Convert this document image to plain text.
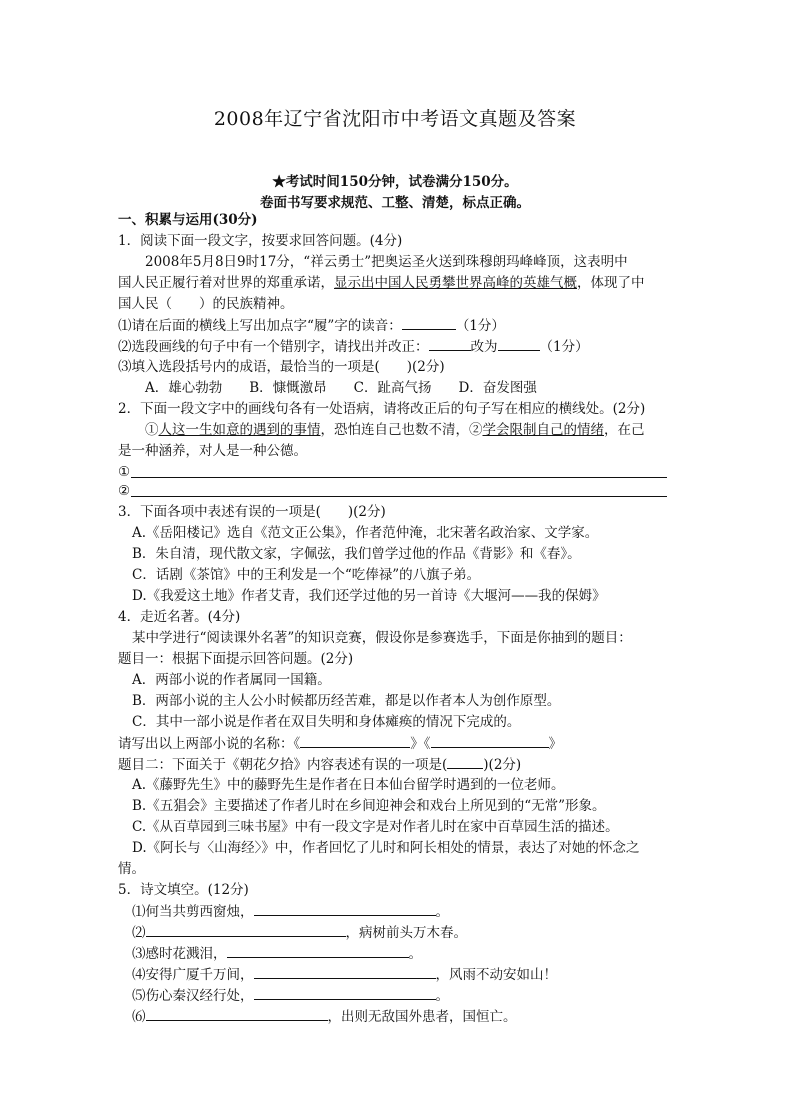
2008年辽宁省沈阳市中考语文真题及答案
★考试时间150分钟，试卷满分150分。
卷面书写要求规范、工整、清楚，标点正确。
一、积累与运用(30分)
1．阅读下面一段文字，按要求回答问题。(4分)
2008年5月8日9时17分，“祥云勇士”把奥运圣火送到珠穆朗玛峰峰顶，这表明中
国人民正履行着对世界的郑重承诺，显示出中国人民勇攀世界高峰的英雄气概，体现了中
国人民（　　）的民族精神。
⑴请在后面的横线上写出加点字“履”字的读音：	（1分）
⑵选段画线的句子中有一个错别字，请找出并改正：	改为	（1分）
⑶填入选段括号内的成语，最恰当的一项是(　　)(2分)
A．雄心勃勃　　B．慷慨激昂　　C．趾高气扬　　D．奋发图强
2．下面一段文字中的画线句各有一处语病，请将改正后的句子写在相应的横线处。(2分)
①人这一生如意的遇到的事情，恐怕连自己也数不清，②学会限制自己的情绪，在己
是一种涵养，对人是一种公德。
①
②
3．下面各项中表述有误的一项是(　　)(2分)
A.《岳阳楼记》选自《范文正公集》，作者范仲淹，北宋著名政治家、文学家。
B．朱自清，现代散文家，字佩弦，我们曾学过他的作品《背影》和《春》。
C．话剧《茶馆》中的王利发是一个“吃俸禄”的八旗子弟。
D.《我爱这土地》作者艾青，我们还学过他的另一首诗《大堰河——我的保姆》
4．走近名著。(4分)
某中学进行“阅读课外名著”的知识竞赛，假设你是参赛选手，下面是你抽到的题目：
题目一：根据下面提示回答问题。(2分)
A．两部小说的作者属同一国籍。
B．两部小说的主人公小时候都历经苦难，都是以作者本人为创作原型。
C．其中一部小说是作者在双目失明和身体瘫痪的情况下完成的。
请写出以上两部小说的名称：《	》《	》
题目二：下面关于《朝花夕拾》内容表述有误的一项是(	)(2分)
A.《藤野先生》中的藤野先生是作者在日本仙台留学时遇到的一位老师。
B.《五猖会》主要描述了作者儿时在乡间迎神会和戏台上所见到的“无常”形象。
C.《从百草园到三味书屋》中有一段文字是对作者儿时在家中百草园生活的描述。
D.《阿长与〈山海经〉》中，作者回忆了儿时和阿长相处的情景，表达了对她的怀念之
情。
5．诗文填空。(12分)
⑴何当共剪西窗烛，	。
⑵	，病树前头万木春。
⑶感时花溅泪，	。
⑷安得广厦千万间，	，风雨不动安如山！
⑸伤心秦汉经行处，	。
⑹	，出则无敌国外患者，国恒亡。
